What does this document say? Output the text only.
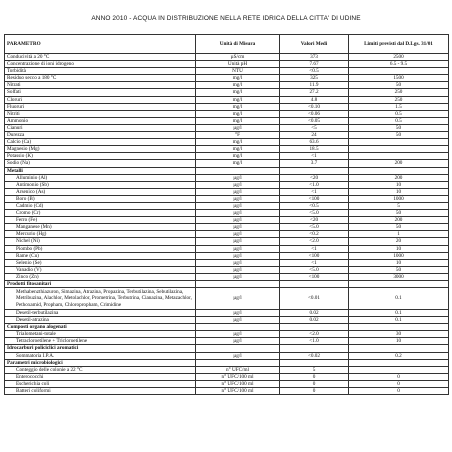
ANNO 2010 - ACQUA IN DISTRIBUZIONE NELLA RETE IDRICA DELLA CITTA' DI UDINE
PARAMETRO	Unità di Misura	Valori Medi	Limiti previsti dal D.Lgs. 31/01
Conducività a 20 °C	µS/cm	373	2500
Concentrazione di ioni idrogeno	Unità pH	7.67	6.5 - 9.5
Torbidità	NTU	<0.5	
Residuo secco a 180 °C	mg/l	325	1500
Nitrati	mg/l	11.9	50
Solfati	mg/l	27.2	250
Cloruri	mg/l	4.8	250
Fluoruri	mg/l	<0.10	1.5
Nitriti	mg/l	<0.06	0.5
Ammonio	mg/l	<0.05	0.5
Cianuri	µg/l	<5	50
Durezza	°F	24	50
Calcio (Ca)	mg/l	63.6	
Magnesio (Mg)	mg/l	18.5	
Potassio (K)	mg/l	<1	
Sodio (Na)	mg/l	3.7	200
Metalli			
Alluminio (Al)	µg/l	<20	200
Antimonio (Sb)	µg/l	<1.0	10
Arsenico (As)	µg/l	<1	10
Boro (B)	µg/l	<100	1000
Cadmio (Cd)	µg/l	<0.5	5
Cromo (Cr)	µg/l	<5.0	50
Ferro (Fe)	µg/l	<20	200
Manganese (Mn)	µg/l	<5.0	50
Mercurio (Hg)	µg/l	<0.2	1
Nichel (Ni)	µg/l	<2.0	20
Piombo (Pb)	µg/l	<1	10
Rame (Cu)	µg/l	<100	1000
Selenio (Se)	µg/l	<1	10
Vanadio (V)	µg/l	<5.0	50
Zinco (Zn)	µg/l	<100	3000
Prodotti fitosanitari			
Methabenzthiazuron, Simazina, Atrazina, Propazina, Terbutilazina, Sebutilazina, Metribuzina, Alachlor, Metolachlor, Prometrina, Terbutrina, Cianazina, Metazachlor, Pethoxamid, Propham, Chloropropham, Crimidine	µg/l	<0.01	0.1
Desetil-terbutilazina	µg/l	0.02	0.1
Desetil-atrazina	µg/l	0.02	0.1
Composti organo alogenati			
Trialometani-totale	µg/l	<2.0	30
Tetracloroetilene + Tricloroetilene	µg/l	<1.0	10
Idrocarburi policiclici aromatici			
Sommatoria I.P.A.	µg/l	<0.02	0.2
Parametri microbiologici			
Conteggio delle colonie a 22 °C	n° UFC/ml	5	
Enterococchi	n° UFC/100 ml	0	0
Escherichia coli	n° UFC/100 ml	0	0
Batteri coliformi	n° UFC/100 ml	0	0
